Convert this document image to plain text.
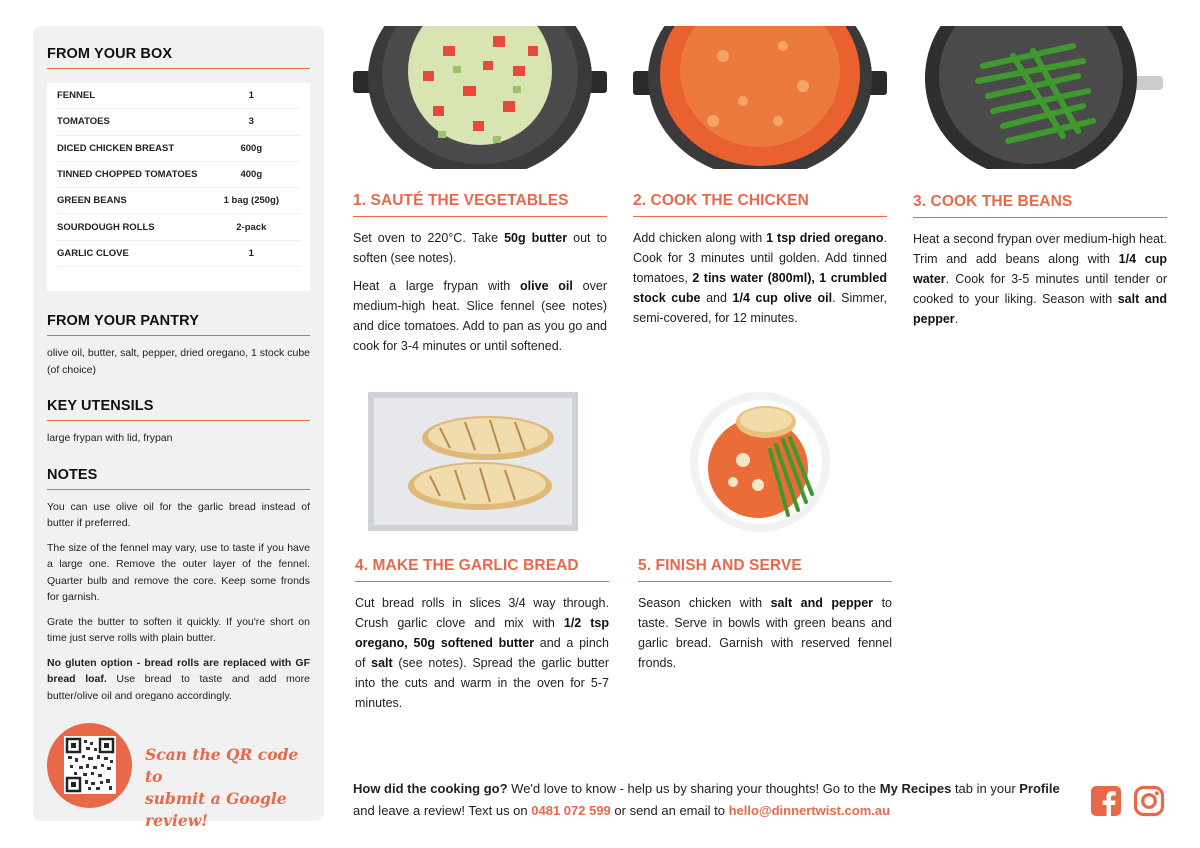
FROM YOUR BOX
FENNEL	1
TOMATOES	3
DICED CHICKEN BREAST	600g
TINNED CHOPPED TOMATOES	400g
GREEN BEANS	1 bag (250g)
SOURDOUGH ROLLS	2-pack
GARLIC CLOVE	1
FROM YOUR PANTRY
olive oil, butter, salt, pepper, dried oregano, 1 stock cube (of choice)
KEY UTENSILS
large frypan with lid, frypan
NOTES
You can use olive oil for the garlic bread instead of butter if preferred.
The size of the fennel may vary, use to taste if you have a large one. Remove the outer layer of the fennel. Quarter bulb and remove the core. Keep some fronds for garnish.
Grate the butter to soften it quickly. If you're short on time just serve rolls with plain butter.
No gluten option - bread rolls are replaced with GF bread loaf. Use bread to taste and add more butter/olive oil and oregano accordingly.
Scan the QR code to
submit a Google review!
1. SAUTÉ THE VEGETABLES

Set oven to 220°C. Take 50g butter out to soften (see notes).

Heat a large frypan with olive oil over medium-high heat. Slice fennel (see notes) and dice tomatoes. Add to pan as you go and cook for 3-4 minutes or until softened.

2. COOK THE CHICKEN

Add chicken along with 1 tsp dried oregano. Cook for 3 minutes until golden. Add tinned tomatoes, 2 tins water (800ml), 1 crumbled stock cube and 1/4 cup olive oil. Simmer, semi-covered, for 12 minutes.

3. COOK THE BEANS

Heat a second frypan over medium-high heat. Trim and add beans along with 1/4 cup water. Cook for 3-5 minutes until tender or cooked to your liking. Season with salt and pepper.

4. MAKE THE GARLIC BREAD

Cut bread rolls in slices 3/4 way through. Crush garlic clove and mix with 1/2 tsp oregano, 50g softened butter and a pinch of salt (see notes). Spread the garlic butter into the cuts and warm in the oven for 5-7 minutes.

5. FINISH AND SERVE

Season chicken with salt and pepper to taste. Serve in bowls with green beans and garlic bread. Garnish with reserved fennel fronds.

How did the cooking go? We'd love to know - help us by sharing your thoughts! Go to the My Recipes tab in your Profile and leave a review! Text us on 0481 072 599 or send an email to hello@dinnertwist.com.au
